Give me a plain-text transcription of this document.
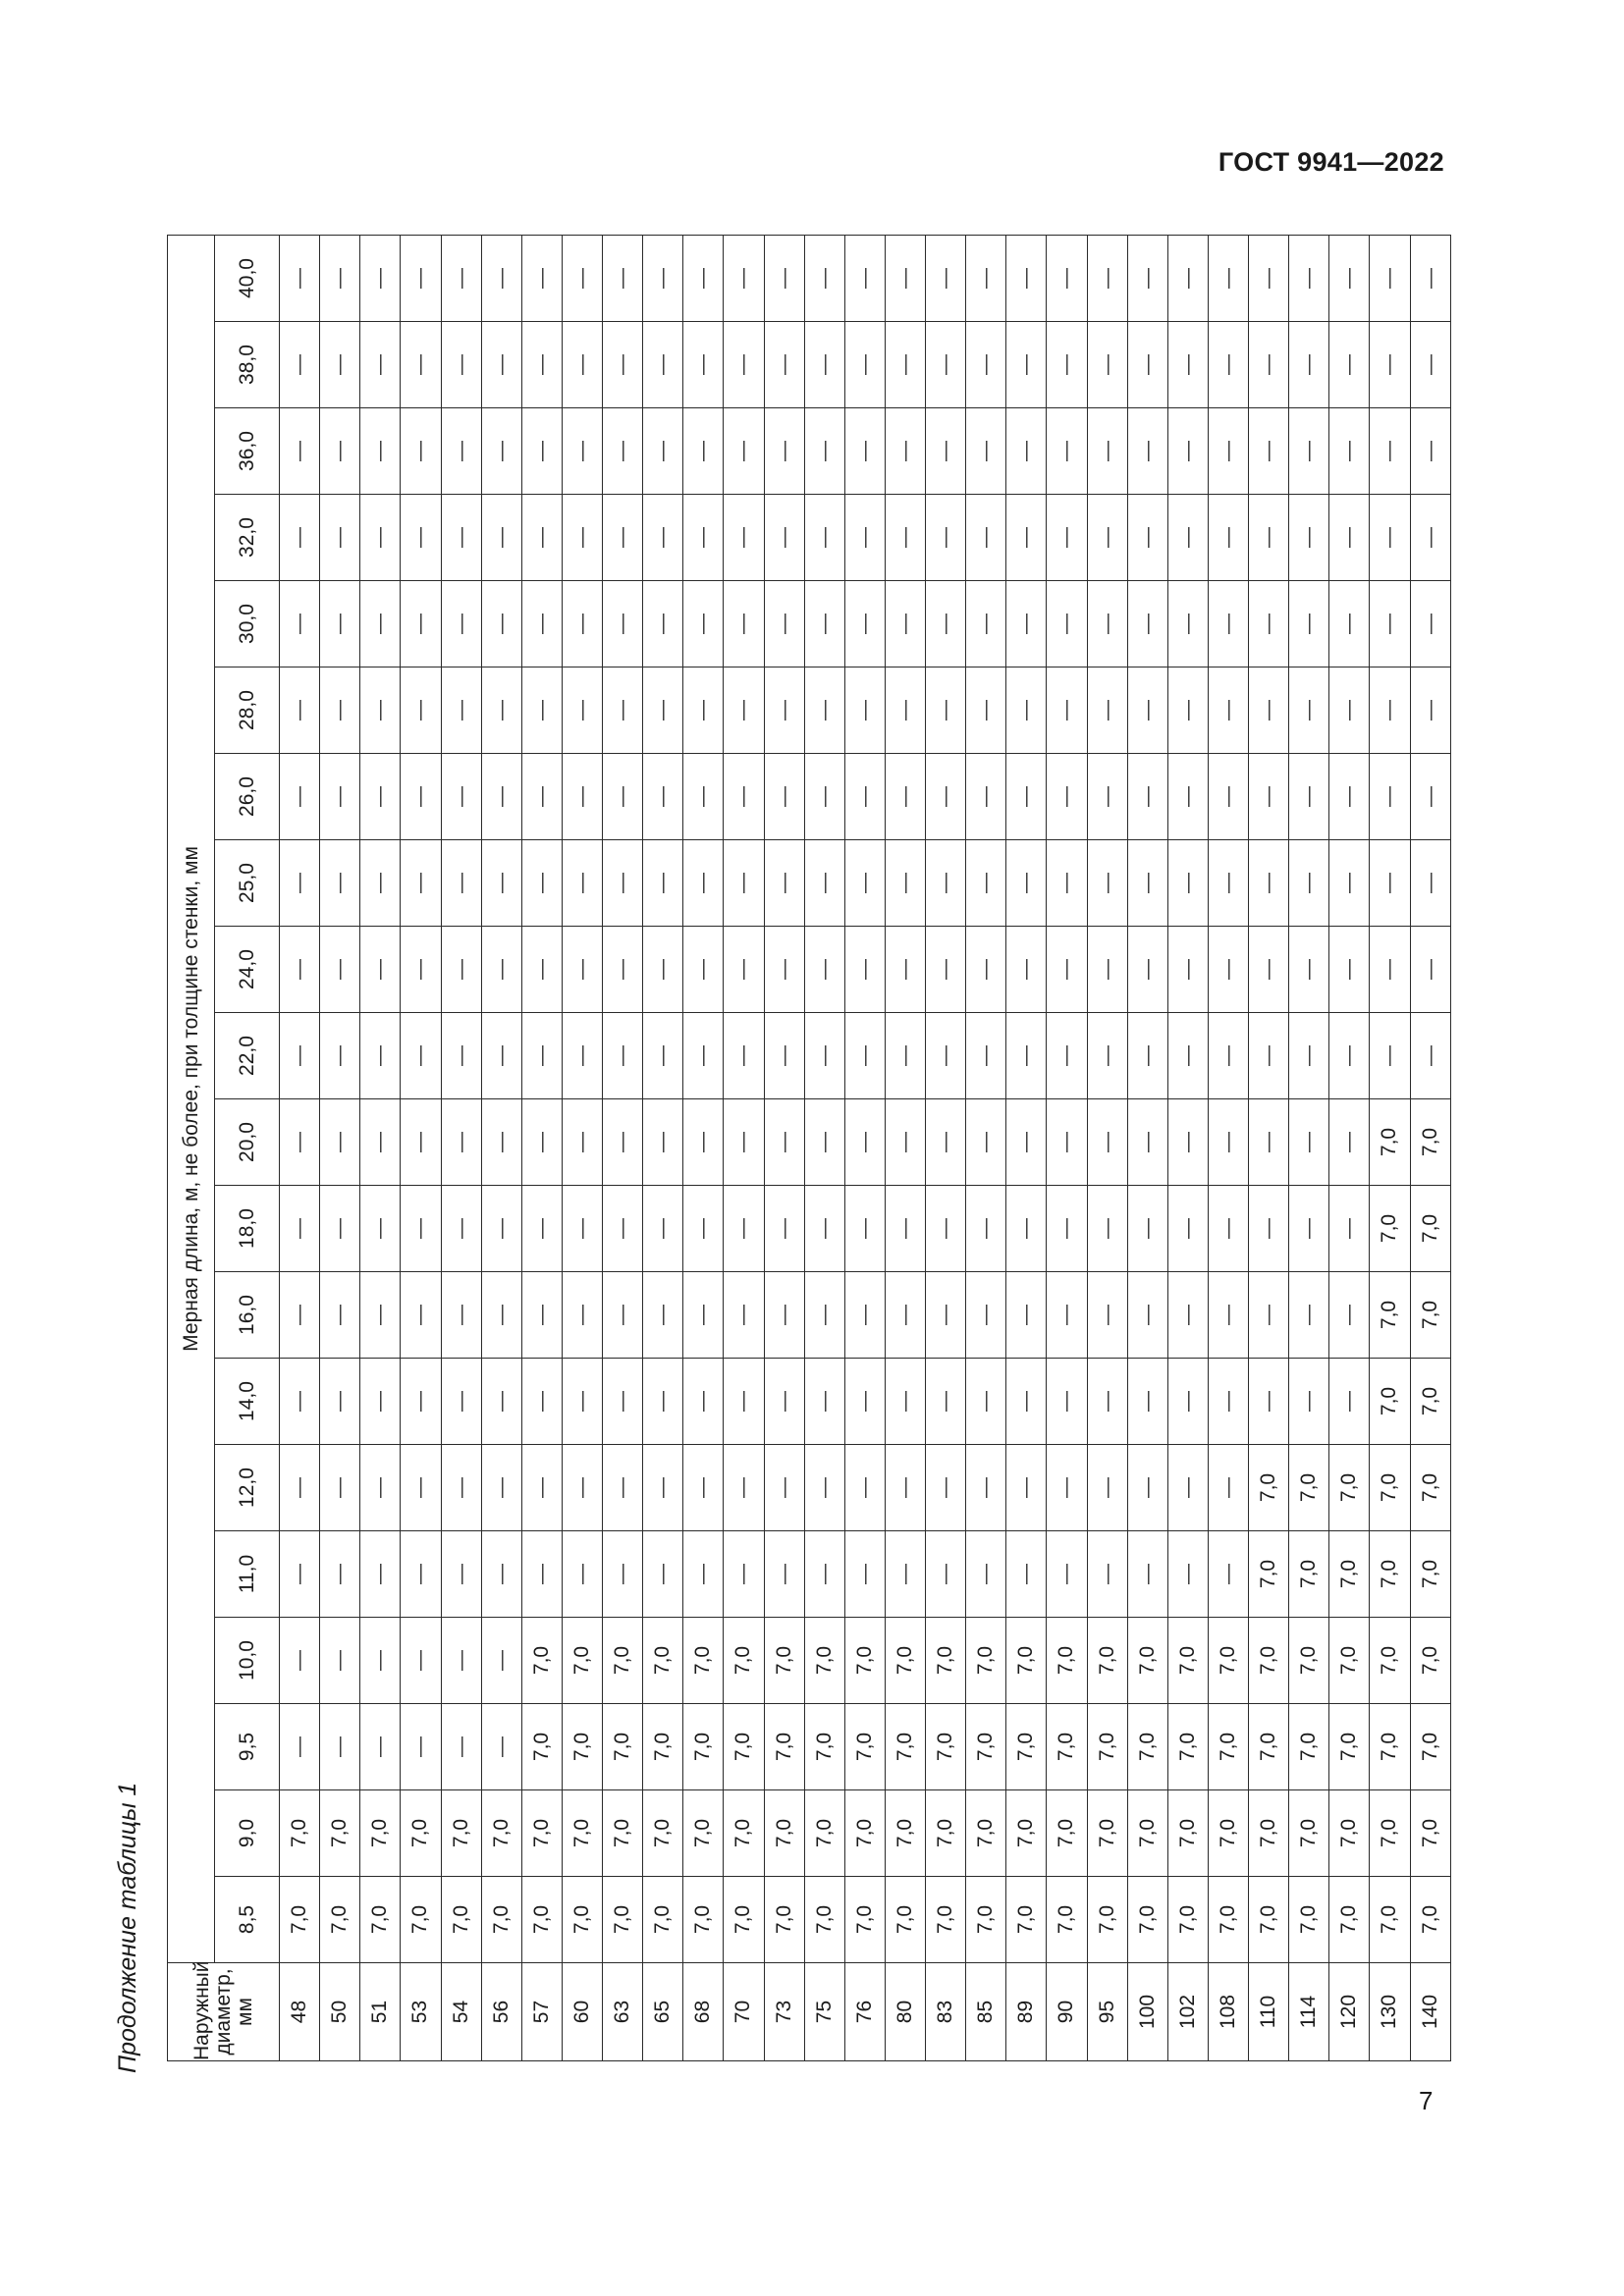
ГОСТ 9941—2022
Продолжение таблицы 1 Наружный диаметр, мм	Мерная длина, м, не более, при толщине стенки, мм																			
	8,5	9,0	9,5	10,0	11,0	12,0	14,0	16,0	18,0	20,0	22,0	24,0	25,0	26,0	28,0	30,0	32,0	36,0	38,0	40,0
48	7,0	7,0	—	—	—	—	—	—	—	—	—	—	—	—	—	—	—	—	—	—
50	7,0	7,0	—	—	—	—	—	—	—	—	—	—	—	—	—	—	—	—	—	—
51	7,0	7,0	—	—	—	—	—	—	—	—	—	—	—	—	—	—	—	—	—	—
53	7,0	7,0	—	—	—	—	—	—	—	—	—	—	—	—	—	—	—	—	—	—
54	7,0	7,0	—	—	—	—	—	—	—	—	—	—	—	—	—	—	—	—	—	—
56	7,0	7,0	—	—	—	—	—	—	—	—	—	—	—	—	—	—	—	—	—	—
57	7,0	7,0	7,0	7,0	—	—	—	—	—	—	—	—	—	—	—	—	—	—	—	—
60	7,0	7,0	7,0	7,0	—	—	—	—	—	—	—	—	—	—	—	—	—	—	—	—
63	7,0	7,0	7,0	7,0	—	—	—	—	—	—	—	—	—	—	—	—	—	—	—	—
65	7,0	7,0	7,0	7,0	—	—	—	—	—	—	—	—	—	—	—	—	—	—	—	—
68	7,0	7,0	7,0	7,0	—	—	—	—	—	—	—	—	—	—	—	—	—	—	—	—
70	7,0	7,0	7,0	7,0	—	—	—	—	—	—	—	—	—	—	—	—	—	—	—	—
73	7,0	7,0	7,0	7,0	—	—	—	—	—	—	—	—	—	—	—	—	—	—	—	—
75	7,0	7,0	7,0	7,0	—	—	—	—	—	—	—	—	—	—	—	—	—	—	—	—
76	7,0	7,0	7,0	7,0	—	—	—	—	—	—	—	—	—	—	—	—	—	—	—	—
80	7,0	7,0	7,0	7,0	—	—	—	—	—	—	—	—	—	—	—	—	—	—	—	—
83	7,0	7,0	7,0	7,0	—	—	—	—	—	—	—	—	—	—	—	—	—	—	—	—
85	7,0	7,0	7,0	7,0	—	—	—	—	—	—	—	—	—	—	—	—	—	—	—	—
89	7,0	7,0	7,0	7,0	—	—	—	—	—	—	—	—	—	—	—	—	—	—	—	—
90	7,0	7,0	7,0	7,0	—	—	—	—	—	—	—	—	—	—	—	—	—	—	—	—
95	7,0	7,0	7,0	7,0	—	—	—	—	—	—	—	—	—	—	—	—	—	—	—	—
100	7,0	7,0	7,0	7,0	—	—	—	—	—	—	—	—	—	—	—	—	—	—	—	—
102	7,0	7,0	7,0	7,0	—	—	—	—	—	—	—	—	—	—	—	—	—	—	—	—
108	7,0	7,0	7,0	7,0	—	—	—	—	—	—	—	—	—	—	—	—	—	—	—	—
110	7,0	7,0	7,0	7,0	7,0	7,0	—	—	—	—	—	—	—	—	—	—	—	—	—	—
114	7,0	7,0	7,0	7,0	7,0	7,0	—	—	—	—	—	—	—	—	—	—	—	—	—	—
120	7,0	7,0	7,0	7,0	7,0	7,0	—	—	—	—	—	—	—	—	—	—	—	—	—	—
130	7,0	7,0	7,0	7,0	7,0	7,0	7,0	7,0	7,0	7,0	—	—	—	—	—	—	—	—	—	—
140	7,0	7,0	7,0	7,0	7,0	7,0	7,0	7,0	7,0	7,0	—	—	—	—	—	—	—	—	—	—
7
